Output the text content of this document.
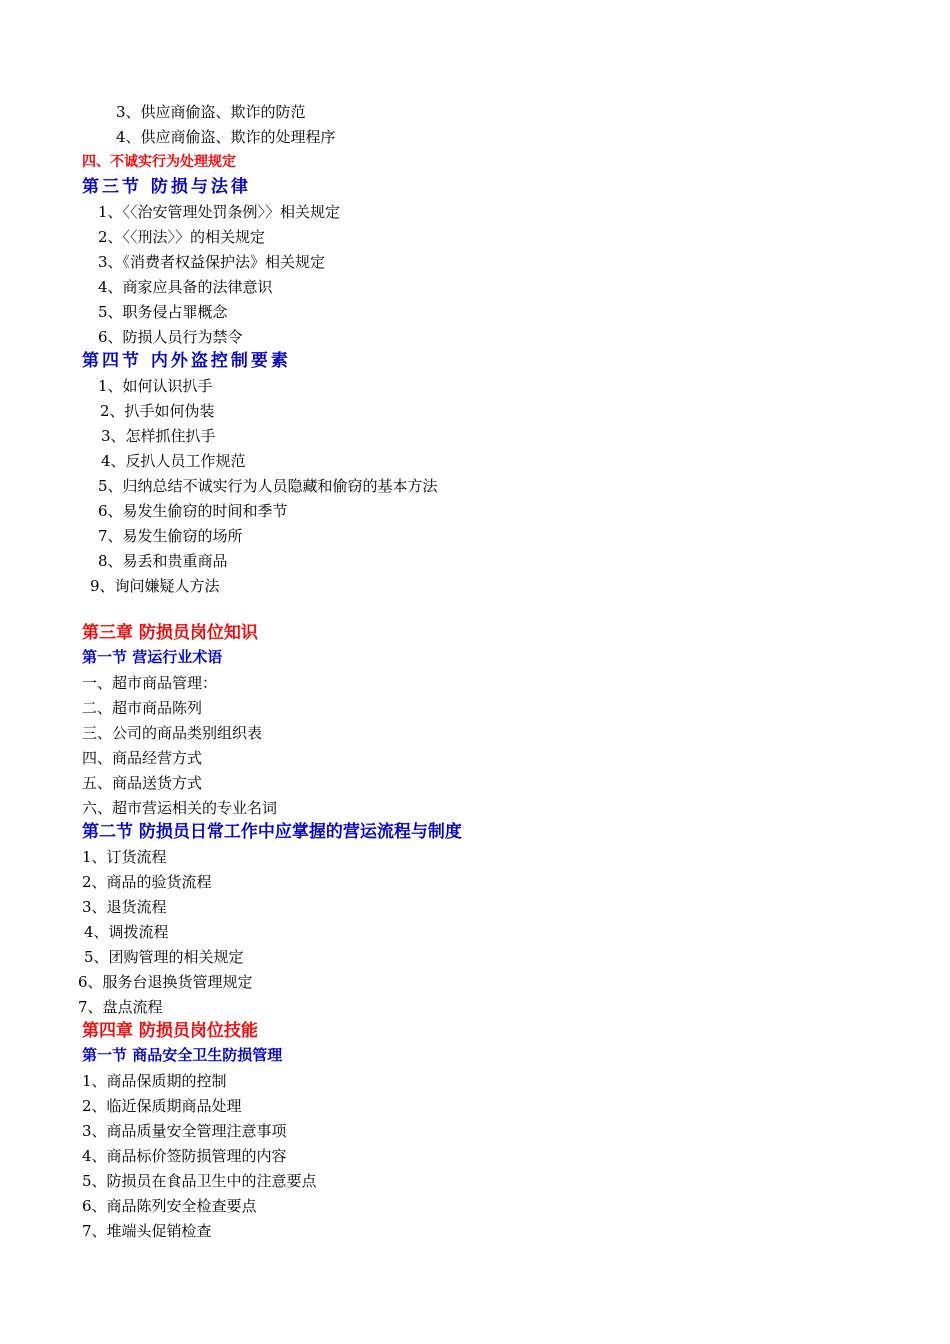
3、供应商偷盗、欺诈的防范
4、供应商偷盗、欺诈的处理程序
四、不诚实行为处理规定
第三节 防损与法律
1、〈〈治安管理处罚条例〉〉相关规定
2、〈〈刑法〉〉的相关规定
3、《消费者权益保护法》相关规定
4、商家应具备的法律意识
5、职务侵占罪概念
6、防损人员行为禁令
第四节 内外盗控制要素
1、如何认识扒手
2、扒手如何伪装
3、怎样抓住扒手
4、反扒人员工作规范
5、归纳总结不诚实行为人员隐藏和偷窃的基本方法
6、易发生偷窃的时间和季节
7、易发生偷窃的场所
8、易丢和贵重商品
9、询问嫌疑人方法
第三章 防损员岗位知识
第一节 营运行业术语
一、超市商品管理：
二、超市商品陈列
三、公司的商品类别组织表
四、商品经营方式
五、商品送货方式
六、超市营运相关的专业名词
第二节 防损员日常工作中应掌握的营运流程与制度
1、订货流程
2、商品的验货流程
3、退货流程
4、调拨流程
5、团购管理的相关规定
6、服务台退换货管理规定
7、盘点流程
第四章 防损员岗位技能
第一节 商品安全卫生防损管理
1、商品保质期的控制
2、临近保质期商品处理
3、商品质量安全管理注意事项
4、商品标价签防损管理的内容
5、防损员在食品卫生中的注意要点
6、商品陈列安全检查要点
7、堆端头促销检查
